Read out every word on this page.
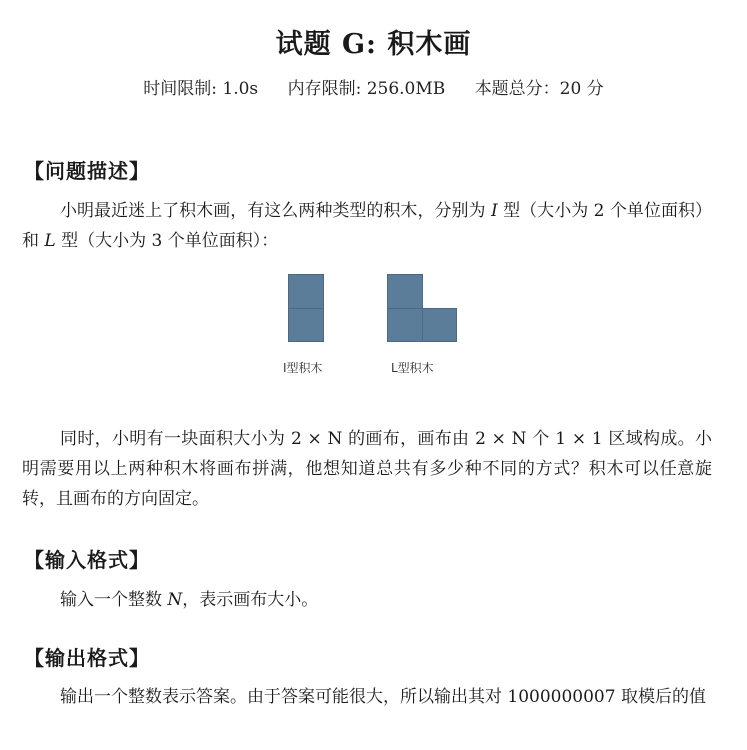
试题 G: 积木画
时间限制: 1.0s 内存限制: 256.0MB 本题总分：20 分
【问题描述】

小明最近迷上了积木画，有这么两种类型的积木，分别为 I 型（大小为 2 个单位面积）和 L 型（大小为 3 个单位面积）：

I型积木	L型积木

同时，小明有一块面积大小为 2 × N 的画布，画布由 2 × N 个 1 × 1 区域构成。小明需要用以上两种积木将画布拼满，他想知道总共有多少种不同的方式？积木可以任意旋转，且画布的方向固定。

【输入格式】

输入一个整数 N，表示画布大小。

【输出格式】

输出一个整数表示答案。由于答案可能很大，所以输出其对 1000000007 取模后的值
